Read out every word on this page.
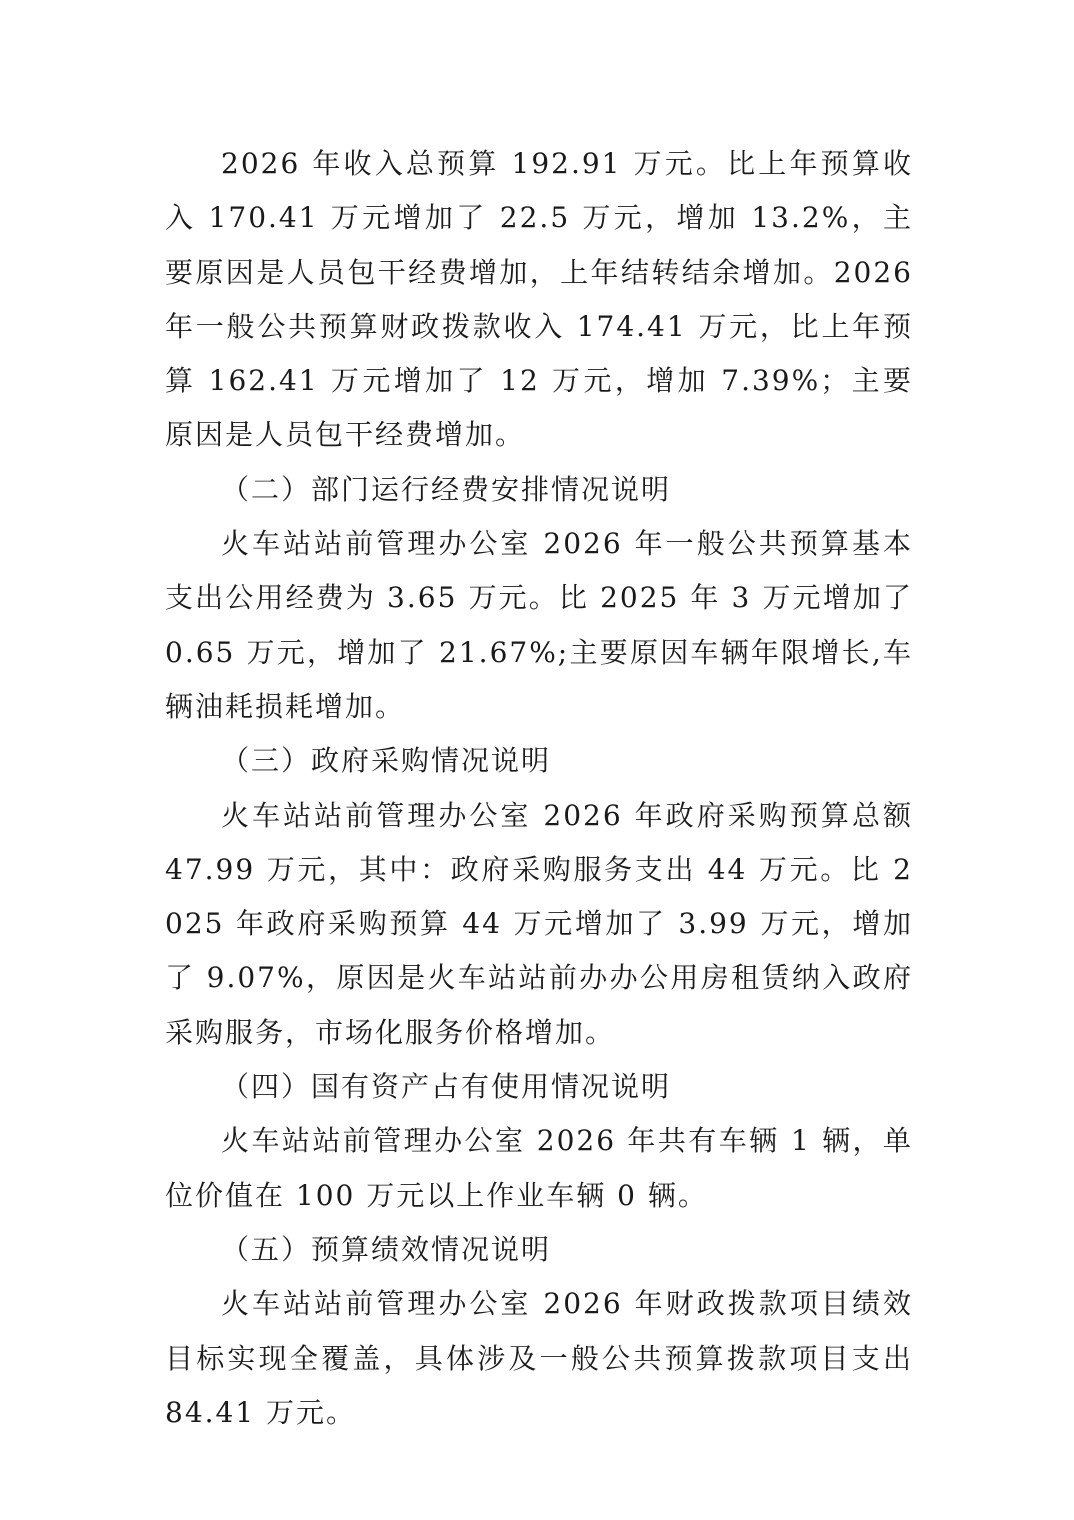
2026 年收入总预算 192.91 万元。比上年预算收入 170.41 万元增加了 22.5 万元，增加 13.2%，主要原因是人员包干经费增加，上年结转结余增加。2026 年一般公共预算财政拨款收入 174.41 万元，比上年预算 162.41 万元增加了 12 万元，增加 7.39%；主要原因是人员包干经费增加。

（二）部门运行经费安排情况说明

火车站站前管理办公室 2026 年一般公共预算基本支出公用经费为 3.65 万元。比 2025 年 3 万元增加了 0.65 万元，增加了 21.67%;主要原因车辆年限增长,车辆油耗损耗增加。

（三）政府采购情况说明

火车站站前管理办公室 2026 年政府采购预算总额 47.99 万元，其中：政府采购服务支出 44 万元。比 2025 年政府采购预算 44 万元增加了 3.99 万元，增加了 9.07%，原因是火车站站前办办公用房租赁纳入政府采购服务，市场化服务价格增加。

（四）国有资产占有使用情况说明

火车站站前管理办公室 2026 年共有车辆 1 辆，单位价值在 100 万元以上作业车辆 0 辆。

（五）预算绩效情况说明

火车站站前管理办公室 2026 年财政拨款项目绩效目标实现全覆盖，具体涉及一般公共预算拨款项目支出 84.41 万元。
